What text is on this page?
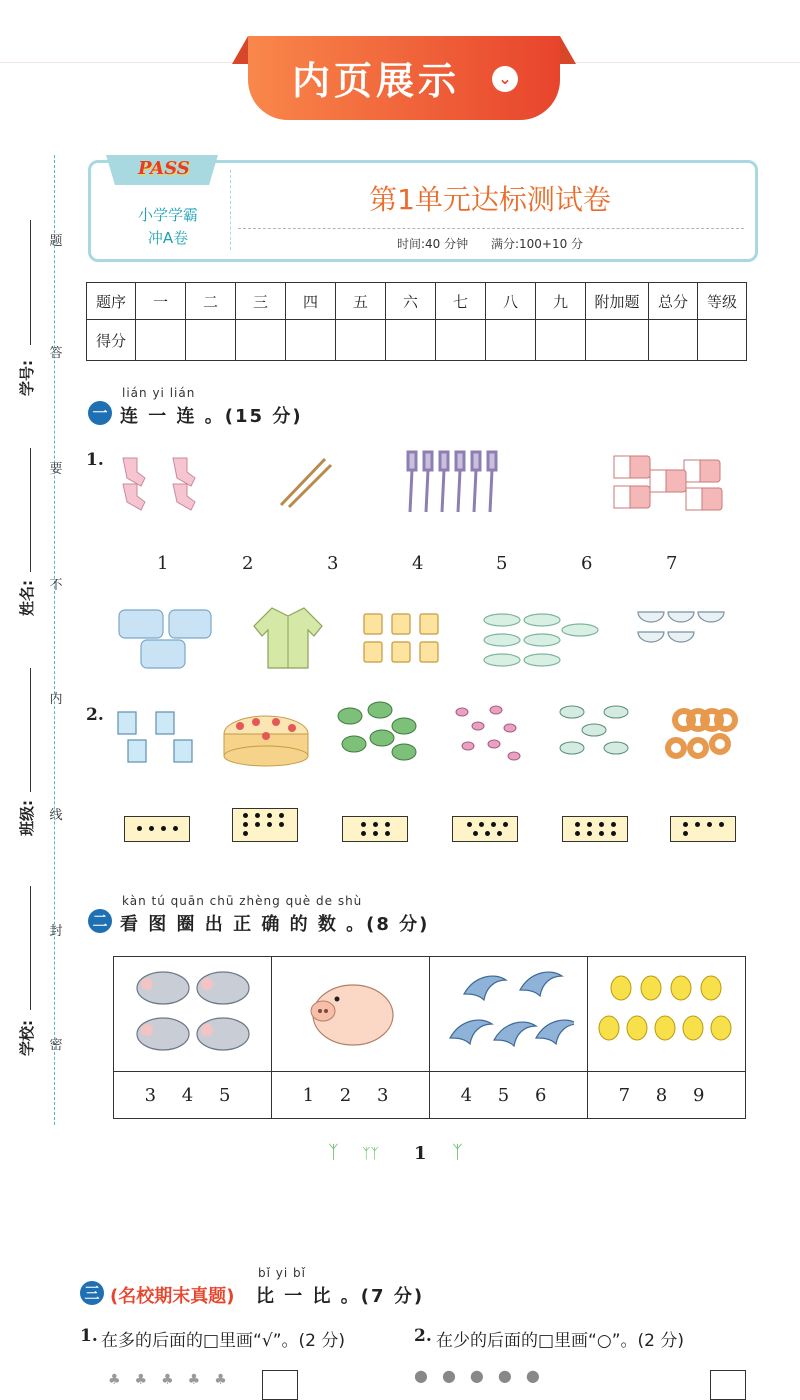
内页展示	⌄
题
答
要
不
内
线
封
密
学号:
姓名:
班级:
学校:
PASS
小学学霸
冲A卷
第1单元达标测试卷
时间:40 分钟      满分:100+10 分
题序	一	二	三	四	五	六	七	八	九	附加题	总分	等级
得分												
lián yi lián
一 连 一 连 。(15 分)
1.
1	2	3	4	5	6	7
2.
kàn tú quān chū zhèng què de shù
二 看 图 圈 出 正 确 的 数 。(8 分)

3 4 5	1 2 3	4 5 6	7 8 9
ᛉ ᛉᛉ 1 ᛉ
bǐ yi bǐ
三 (名校期末真题) 比 一 比 。(7 分)
1. 在多的后面的□里画“√”。(2 分)	2. 在少的后面的□里画“○”。(2 分)
♣♣♣♣♣	●●●●●
